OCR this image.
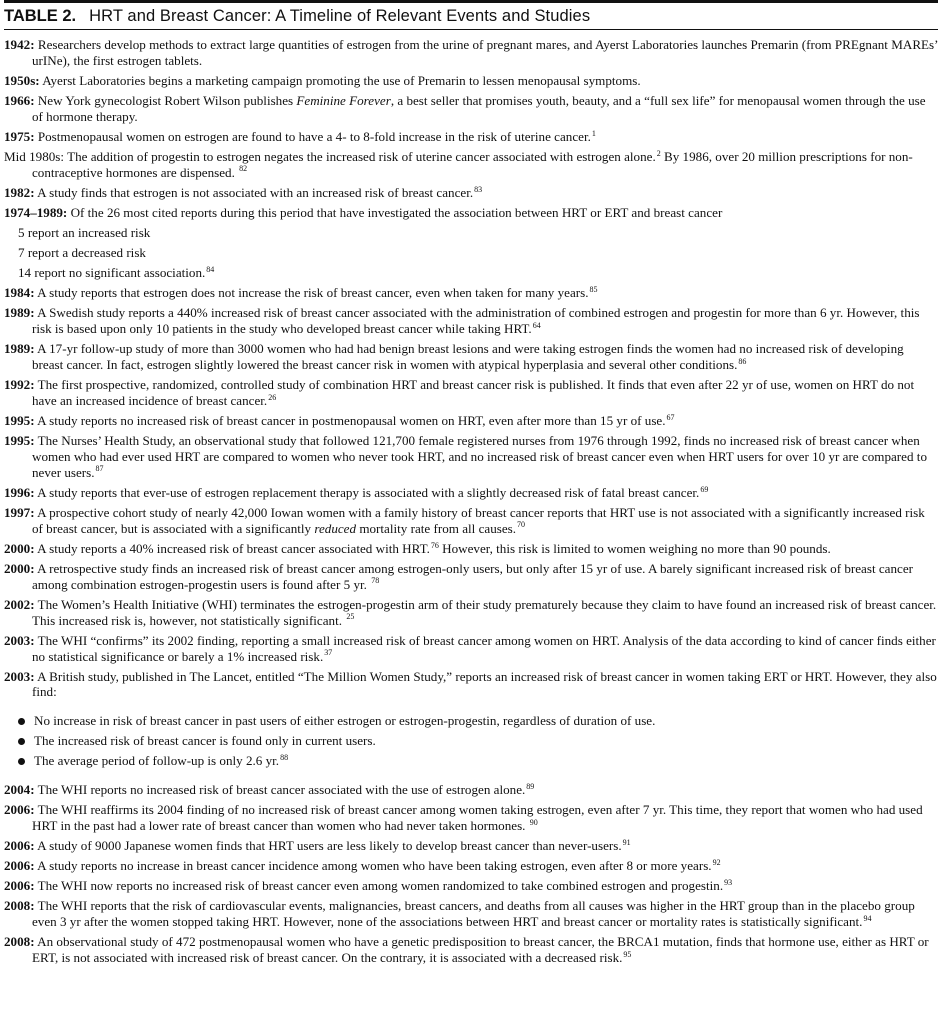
TABLE 2. HRT and Breast Cancer: A Timeline of Relevant Events and Studies
1942: Researchers develop methods to extract large quantities of estrogen from the urine of pregnant mares, and Ayerst Laboratories launches Premarin (from PREgnant MAREs’ urINe), the first estrogen tablets.
1950s: Ayerst Laboratories begins a marketing campaign promoting the use of Premarin to lessen menopausal symptoms.
1966: New York gynecologist Robert Wilson publishes Feminine Forever, a best seller that promises youth, beauty, and a “full sex life” for menopausal women through the use of hormone therapy.
1975: Postmenopausal women on estrogen are found to have a 4- to 8-fold increase in the risk of uterine cancer.$^1$
Mid 1980s: The addition of progestin to estrogen negates the increased risk of uterine cancer associated with estrogen alone.$^2$ By 1986, over 20 million prescriptions for non-contraceptive hormones are dispensed. $^{82}$
1982: A study finds that estrogen is not associated with an increased risk of breast cancer.$^{83}$
1974–1989: Of the 26 most cited reports during this period that have investigated the association between HRT or ERT and breast cancer
5 report an increased risk
7 report a decreased risk
14 report no significant association.$^{84}$
1984: A study reports that estrogen does not increase the risk of breast cancer, even when taken for many years.$^{85}$
1989: A Swedish study reports a 440% increased risk of breast cancer associated with the administration of combined estrogen and progestin for more than 6 yr. However, this risk is based upon only 10 patients in the study who developed breast cancer while taking HRT.$^{64}$
1989: A 17-yr follow-up study of more than 3000 women who had had benign breast lesions and were taking estrogen finds the women had no increased risk of developing breast cancer. In fact, estrogen slightly lowered the breast cancer risk in women with atypical hyperplasia and several other conditions.$^{86}$
1992: The first prospective, randomized, controlled study of combination HRT and breast cancer risk is published. It finds that even after 22 yr of use, women on HRT do not have an increased incidence of breast cancer.$^{26}$
1995: A study reports no increased risk of breast cancer in postmenopausal women on HRT, even after more than 15 yr of use.$^{67}$
1995: The Nurses’ Health Study, an observational study that followed 121,700 female registered nurses from 1976 through 1992, finds no increased risk of breast cancer when women who had ever used HRT are compared to women who never took HRT, and no increased risk of breast cancer even when HRT users for over 10 yr are compared to never users.$^{87}$
1996: A study reports that ever-use of estrogen replacement therapy is associated with a slightly decreased risk of fatal breast cancer.$^{69}$
1997: A prospective cohort study of nearly 42,000 Iowan women with a family history of breast cancer reports that HRT use is not associated with a significantly increased risk of breast cancer, but is associated with a significantly reduced mortality rate from all causes.$^{70}$
2000: A study reports a 40% increased risk of breast cancer associated with HRT.$^{76}$ However, this risk is limited to women weighing no more than 90 pounds.
2000: A retrospective study finds an increased risk of breast cancer among estrogen-only users, but only after 15 yr of use. A barely significant increased risk of breast cancer among combination estrogen-progestin users is found after 5 yr. $^{78}$
2002: The Women’s Health Initiative (WHI) terminates the estrogen-progestin arm of their study prematurely because they claim to have found an increased risk of breast cancer. This increased risk is, however, not statistically significant. $^{25}$
2003: The WHI “confirms” its 2002 finding, reporting a small increased risk of breast cancer among women on HRT. Analysis of the data according to kind of cancer finds either no statistical significance or barely a 1% increased risk.$^{37}$
2003: A British study, published in The Lancet, entitled “The Million Women Study,” reports an increased risk of breast cancer in women taking ERT or HRT. However, they also find:
No increase in risk of breast cancer in past users of either estrogen or estrogen-progestin, regardless of duration of use.
The increased risk of breast cancer is found only in current users.
The average period of follow-up is only 2.6 yr.$^{88}$
2004: The WHI reports no increased risk of breast cancer associated with the use of estrogen alone.$^{89}$
2006: The WHI reaffirms its 2004 finding of no increased risk of breast cancer among women taking estrogen, even after 7 yr. This time, they report that women who had used HRT in the past had a lower rate of breast cancer than women who had never taken hormones. $^{90}$
2006: A study of 9000 Japanese women finds that HRT users are less likely to develop breast cancer than never-users.$^{91}$
2006: A study reports no increase in breast cancer incidence among women who have been taking estrogen, even after 8 or more years.$^{92}$
2006: The WHI now reports no increased risk of breast cancer even among women randomized to take combined estrogen and progestin.$^{93}$
2008: The WHI reports that the risk of cardiovascular events, malignancies, breast cancers, and deaths from all causes was higher in the HRT group than in the placebo group even 3 yr after the women stopped taking HRT. However, none of the associations between HRT and breast cancer or mortality rates is statistically significant.$^{94}$
2008: An observational study of 472 postmenopausal women who have a genetic predisposition to breast cancer, the BRCA1 mutation, finds that hormone use, either as HRT or ERT, is not associated with increased risk of breast cancer. On the contrary, it is associated with a decreased risk.$^{95}$
